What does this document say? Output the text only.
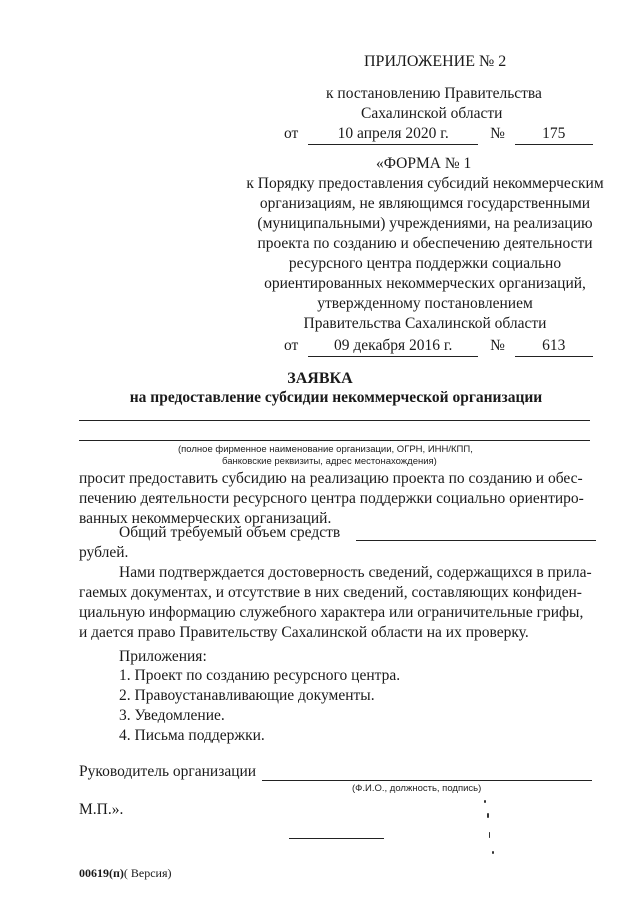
ПРИЛОЖЕНИЕ № 2
к постановлению Правительства
Сахалинской области
от	10 апреля 2020 г.	№ 175
«ФОРМА № 1
к Порядку предоставления субсидий некоммерческим
организациям, не являющимся государственными
(муниципальными) учреждениями, на реализацию
проекта по созданию и обеспечению деятельности
ресурсного центра поддержки социально
ориентированных некоммерческих организаций,
утвержденному постановлением
Правительства Сахалинской области
от 09 декабря 2016 г. № 613
ЗАЯВКА
на предоставление субсидии некоммерческой организации
(полное фирменное наименование организации, ОГРН, ИНН/КПП,
банковские реквизиты, адрес местонахождения)
просит предоставить субсидию на реализацию проекта по созданию и обес-
печению деятельности ресурсного центра поддержки социально ориентиро-
ванных некоммерческих организаций.
Общий требуемый объем средств
рублей.
Нами подтверждается достоверность сведений, содержащихся в прила-
гаемых документах, и отсутствие в них сведений, составляющих конфиден-
циальную информацию служебного характера или ограничительные грифы,
и дается право Правительству Сахалинской области на их проверку.
Приложения:
1. Проект по созданию ресурсного центра.
2. Правоустанавливающие документы.
3. Уведомление.
4. Письма поддержки.
Руководитель организации
(Ф.И.О., должность, подпись)
М.П.».
00619(п)( Версия)
